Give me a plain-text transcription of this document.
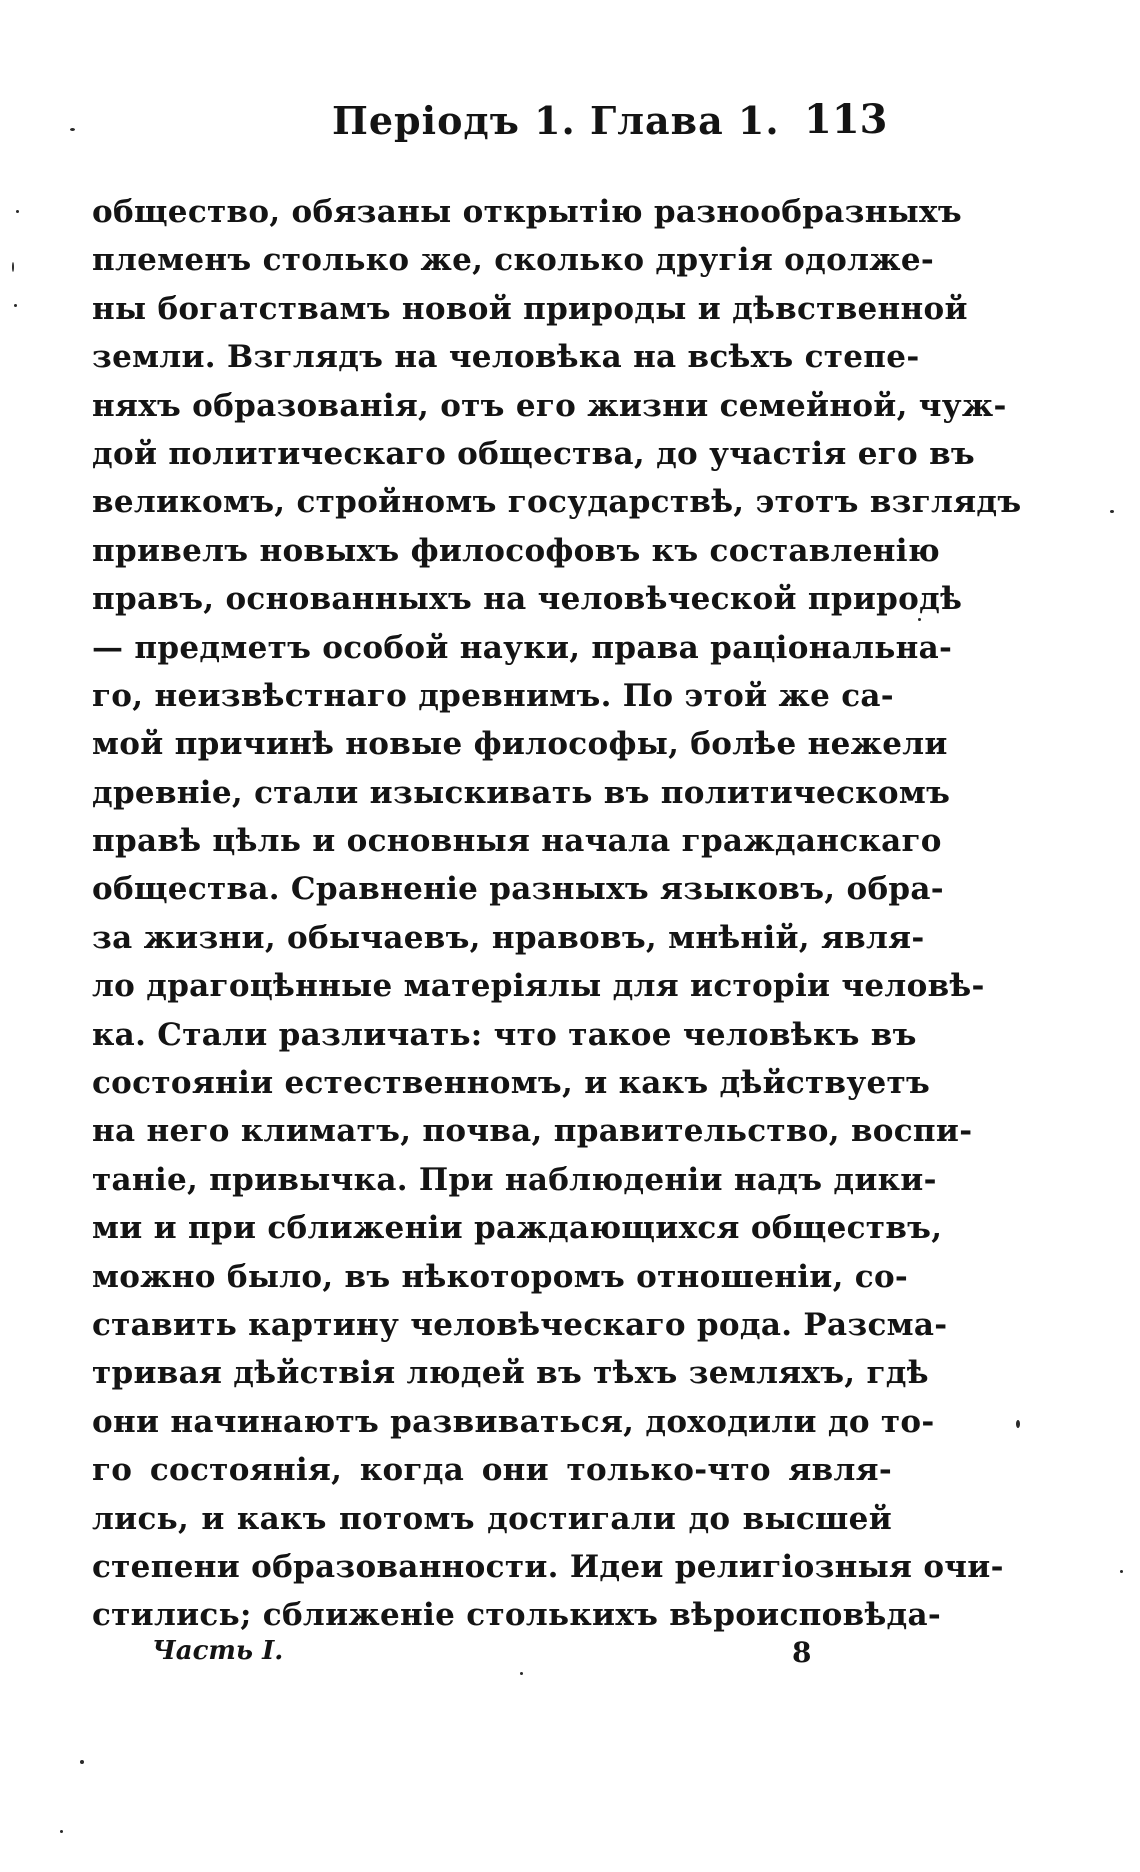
Періодъ 1. Глава 1. 113
общество, обязаны открытію разнообразныхъ
племенъ столько же, сколько другія одолже-
ны богатствамъ новой природы и дѣвственной
земли. Взглядъ на человѣка на всѣхъ степе-
няхъ образованія, отъ его жизни семейной, чуж-
дой политическаго общества, до участія его въ
великомъ, стройномъ государствѣ, этотъ взглядъ
привелъ новыхъ философовъ къ составленію
правъ, основанныхъ на человѣческой природѣ
— предметъ особой науки, права раціональна-
го, неизвѣстнаго древнимъ. По этой же са-
мой причинѣ новые философы, болѣе нежели
древніе, стали изыскивать въ политическомъ
правѣ цѣль и основныя начала гражданскаго
общества. Сравненіе разныхъ языковъ, обра-
за жизни, обычаевъ, нравовъ, мнѣній, явля-
ло драгоцѣнные матеріялы для исторіи человѣ-
ка. Стали различать: что такое человѣкъ въ
состояніи естественномъ, и какъ дѣйствуетъ
на него климатъ, почва, правительство, воспи-
таніе, привычка. При наблюденіи надъ дики-
ми и при сближеніи раждающихся обществъ,
можно было, въ нѣкоторомъ отношеніи, со-
ставить картину человѣческаго рода. Разсма-
тривая дѣйствія людей въ тѣхъ земляхъ, гдѣ
они начинаютъ развиваться, доходили до то-
го состоянія, когда они только-что явля-
лись, и какъ потомъ достигали до высшей
степени образованности. Идеи религіозныя очи-
стились; сближеніе столькихъ вѣроисповѣда-
Часть I.	8
